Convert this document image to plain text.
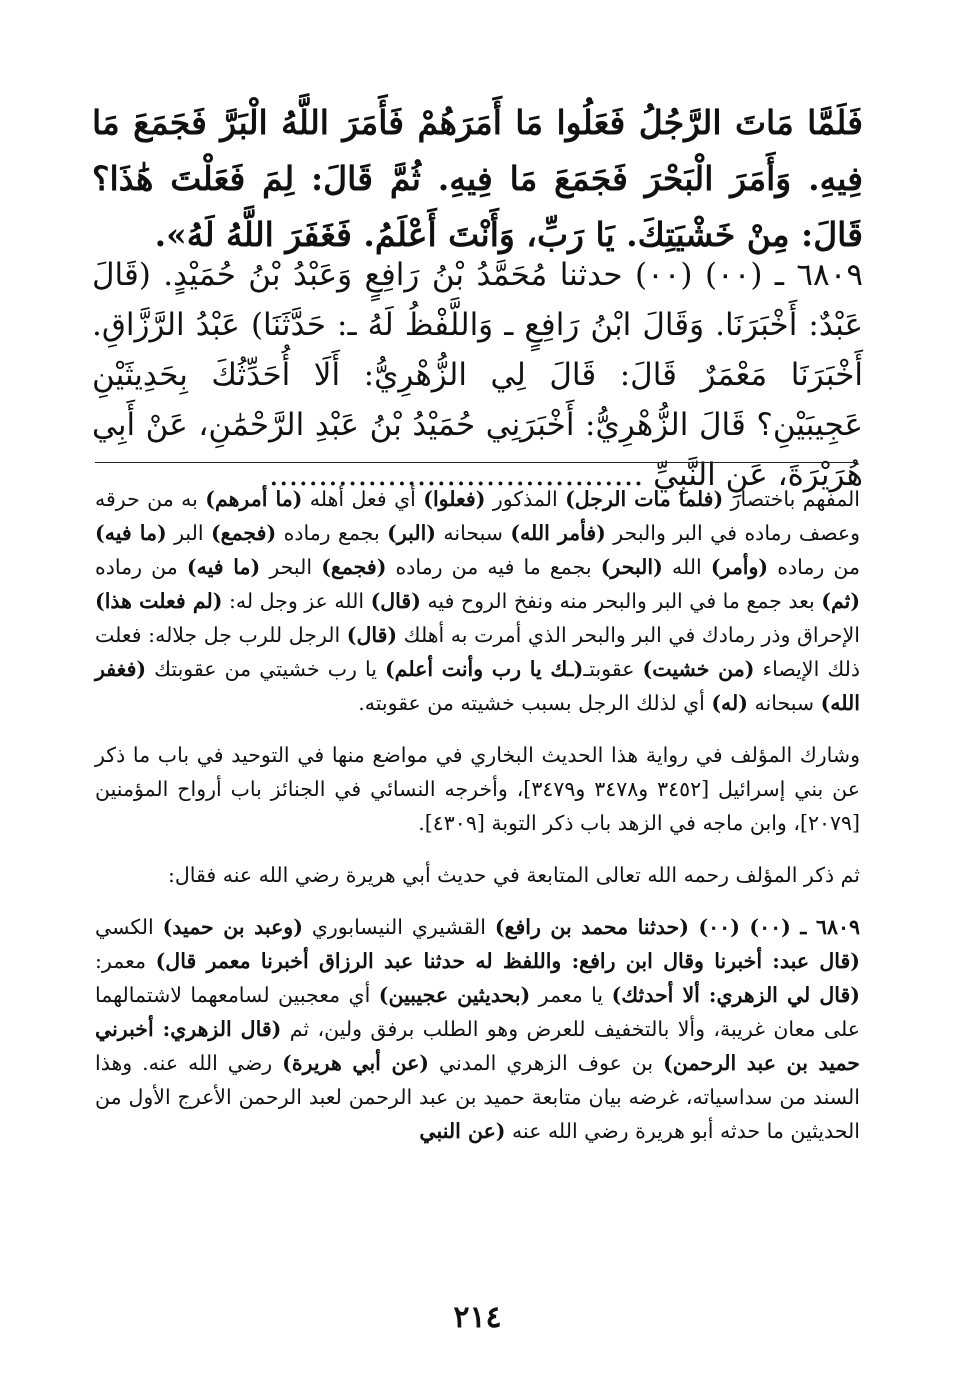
فَلَمَّا مَاتَ الرَّجُلُ فَعَلُوا مَا أَمَرَهُمْ فَأَمَرَ اللَّهُ الْبَرَّ فَجَمَعَ مَا فِيهِ. وَأَمَرَ الْبَحْرَ فَجَمَعَ مَا فِيهِ. ثُمَّ قَالَ: لِمَ فَعَلْتَ هَٰذَا؟ قَالَ: مِنْ خَشْيَتِكَ. يَا رَبِّ، وَأَنْتَ أَعْلَمُ. فَغَفَرَ اللَّهُ لَهُ».
٦٨٠٩ ـ (٠٠) (٠٠) حدثنا مُحَمَّدُ بْنُ رَافِعٍ وَعَبْدُ بْنُ حُمَيْدٍ. (قَالَ عَبْدٌ: أَخْبَرَنَا. وَقَالَ ابْنُ رَافِعٍ ـ وَاللَّفْظُ لَهُ ـ: حَدَّثَنَا) عَبْدُ الرَّزَّاقِ. أَخْبَرَنَا مَعْمَرٌ قَالَ: قَالَ لِي الزُّهْرِيُّ: أَلَا أُحَدِّثُكَ بِحَدِيثَيْنِ عَجِيبَيْنِ؟ قَالَ الزُّهْرِيُّ: أَخْبَرَنِي حُمَيْدُ بْنُ عَبْدِ الرَّحْمَٰنِ، عَنْ أَبِي هُرَيْرَةَ، عَنِ النَّبِيِّ ......................................

المفهم باختصار (فلما مات الرجل) المذكور (فعلوا) أي فعل أهله (ما أمرهم) به من حرقه وعصف رماده في البر والبحر (فأمر الله) سبحانه (البر) بجمع رماده (فجمع) البر (ما فيه) من رماده (وأمر) الله (البحر) بجمع ما فيه من رماده (فجمع) البحر (ما فيه) من رماده (ثم) بعد جمع ما في البر والبحر منه ونفخ الروح فيه (قال) الله عز وجل له: (لم فعلت هذا) الإحراق وذر رمادك في البر والبحر الذي أمرت به أهلك (قال) الرجل للرب جل جلاله: فعلت ذلك الإيصاء (من خشيت) عقوبتـ(ـك يا رب وأنت أعلم) يا رب خشيتي من عقوبتك (فغفر الله) سبحانه (له) أي لذلك الرجل بسبب خشيته من عقوبته.

وشارك المؤلف في رواية هذا الحديث البخاري في مواضع منها في التوحيد في باب ما ذكر عن بني إسرائيل [٣٤٥٢ و٣٤٧٨ و٣٤٧٩]، وأخرجه النسائي في الجنائز باب أرواح المؤمنين [٢٠٧٩]، وابن ماجه في الزهد باب ذكر التوبة [٤٣٠٩].

ثم ذكر المؤلف رحمه الله تعالى المتابعة في حديث أبي هريرة رضي الله عنه فقال:

٦٨٠٩ ـ (٠٠) (٠٠) (حدثنا محمد بن رافع) القشيري النيسابوري (وعبد بن حميد) الكسي (قال عبد: أخبرنا وقال ابن رافع: واللفظ له حدثنا عبد الرزاق أخبرنا معمر قال) معمر: (قال لي الزهري: ألا أحدثك) يا معمر (بحديثين عجيبين) أي معجبين لسامعهما لاشتمالهما على معان غريبة، وألا بالتخفيف للعرض وهو الطلب برفق ولين، ثم (قال الزهري: أخبرني حميد بن عبد الرحمن) بن عوف الزهري المدني (عن أبي هريرة) رضي الله عنه. وهذا السند من سداسياته، غرضه بيان متابعة حميد بن عبد الرحمن لعبد الرحمن الأعرج الأول من الحديثين ما حدثه أبو هريرة رضي الله عنه (عن النبي

٢١٤
